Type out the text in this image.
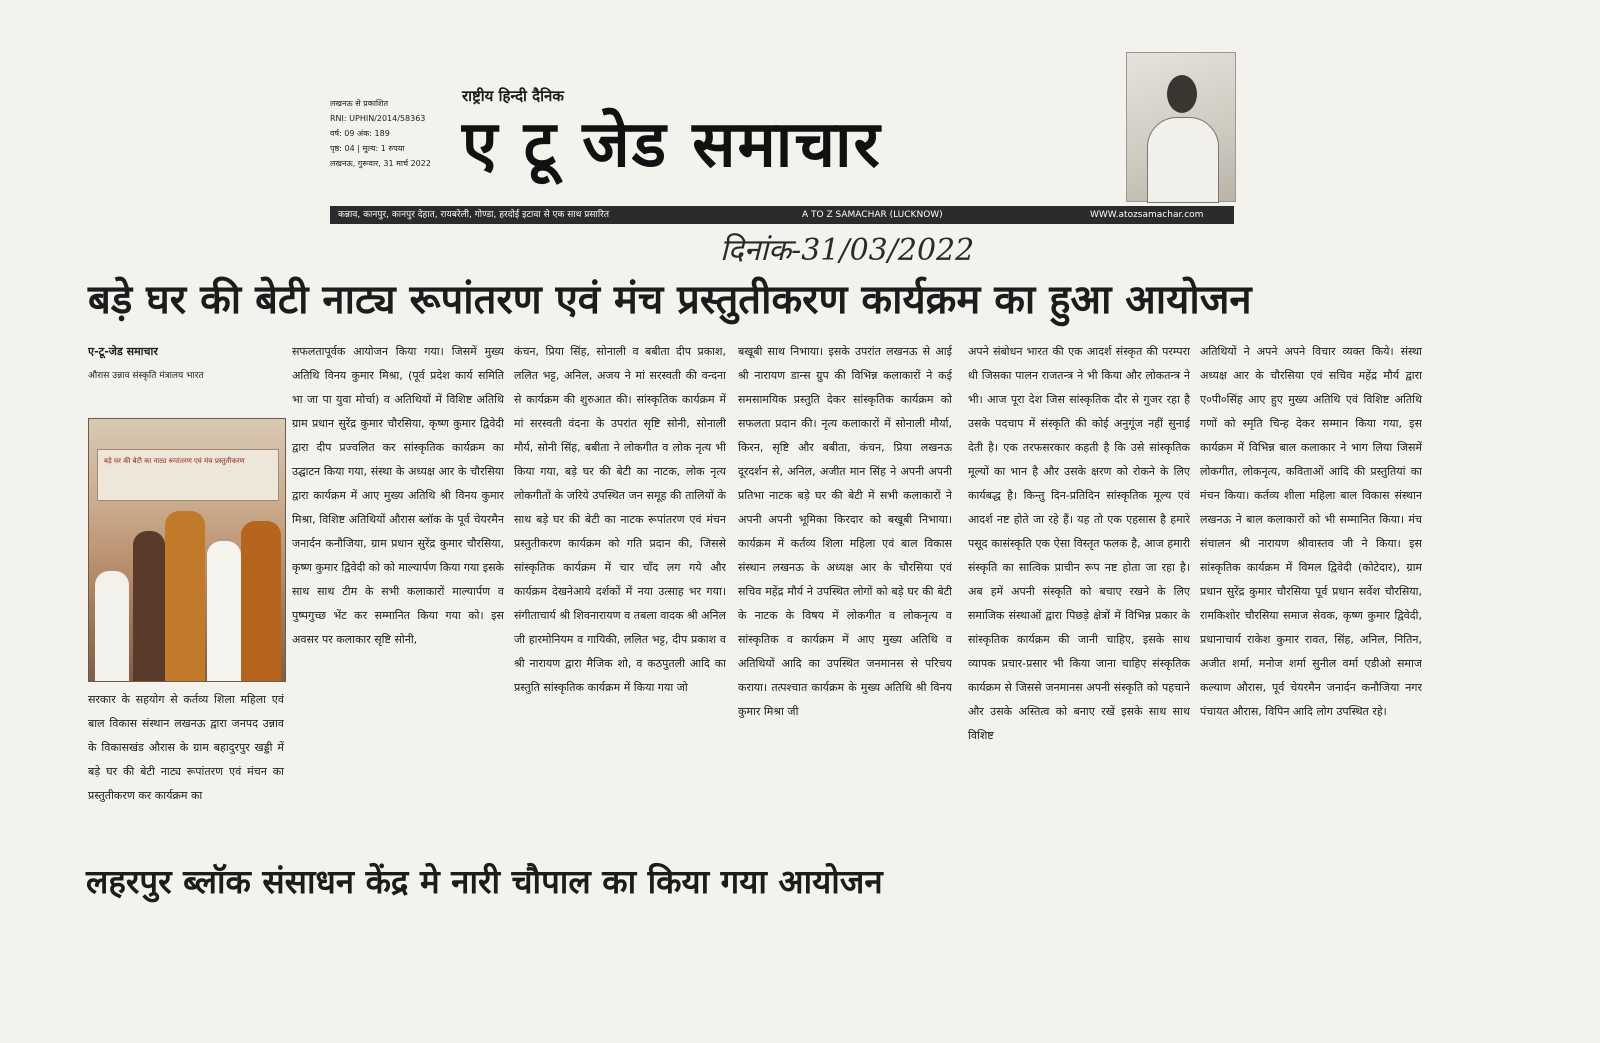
लखनऊ से प्रकाशित
RNI: UPHIN/2014/58363
वर्ष: 09 अंक: 189
पृष्ठ: 04 | मूल्य: 1 रुपया
लखनऊ, गुरूवार, 31 मार्च 2022
राष्ट्रीय हिन्दी दैनिक
ए टू जेड समाचार
कन्नाव, कानपुर, कानपुर देहात, रायबरेली, गोण्डा, हरदोई इटावा से एक साथ प्रसारित	A TO Z SAMACHAR (LUCKNOW)	WWW.atozsamachar.com
दिनांक-31/03/2022
बड़े घर की बेटी नाट्य रूपांतरण एवं मंच प्रस्तुतीकरण कार्यक्रम का हुआ आयोजन
ए-टू-जेड समाचार
औरास उन्नाव संस्कृति मंत्रालय भारत
बड़े घर की बेटी का नाट्य रूपांतरण एवं मंच प्रस्तुतीकरण
सरकार के सहयोग से कर्तव्य शिला महिला एवं बाल विकास संस्थान लखनऊ द्वारा जनपद उन्नाव के विकासखंड औरास के ग्राम बहादुरपुर खड्डी में बड़े घर की बेटी नाट्य रूपांतरण एवं मंचन का प्रस्तुतीकरण कर कार्यक्रम का
सफलतापूर्वक आयोजन किया गया। जिसमें मुख्य अतिथि विनय कुमार मिश्रा, (पूर्व प्रदेश कार्य समिति भा जा पा युवा मोर्चा) व अतिथियों में विशिष्ट अतिथि ग्राम प्रधान सुरेंद्र कुमार चौरसिया, कृष्ण कुमार द्विवेदी द्वारा दीप प्रज्वलित कर सांस्कृतिक कार्यक्रम का उद्घाटन किया गया, संस्था के अध्यक्ष आर के चौरसिया द्वारा कार्यक्रम में आए मुख्य अतिथि श्री विनय कुमार मिश्रा, विशिष्ट अतिथियों औरास ब्लॉक के पूर्व चेयरमैन जनार्दन कनौजिया, ग्राम प्रधान सुरेंद्र कुमार चौरसिया, कृष्ण कुमार द्विवेदी को को माल्यार्पण किया गया इसके साथ साथ टीम के सभी कलाकारों माल्यार्पण व पुष्पगुच्छ भेंट कर सम्मानित किया गया को। इस अवसर पर कलाकार सृष्टि सोनी,
कंचन, प्रिया सिंह, सोनाली व बबीता दीप प्रकाश, ललित भट्ट, अनिल, अजय ने मां सरस्वती की वन्दना से कार्यक्रम की शुरुआत की। सांस्कृतिक कार्यक्रम में मां सरस्वती वंदना के उपरांत सृष्टि सोनी, सोनाली मौर्य, सोनी सिंह, बबीता ने लोकगीत व लोक नृत्य भी किया गया, बड़े घर की बेटी का नाटक, लोक नृत्य लोकगीतों के जरिये उपस्थित जन समूह की तालियों के साथ बड़े घर की बेटी का नाटक रूपांतरण एवं मंचन प्रस्तुतीकरण कार्यक्रम को गति प्रदान की, जिससे सांस्कृतिक कार्यक्रम में चार चाँद लग गये और कार्यक्रम देखनेआये दर्शकों में नया उत्साह भर गया। संगीताचार्य श्री शिवनारायण व तबला वादक श्री अनिल जी हारमोनियम व गायिकी, ललित भट्ट, दीप प्रकाश व श्री नारायण द्वारा मैजिक शो, व कठपुतली आदि का प्रस्तुति सांस्कृतिक कार्यक्रम में किया गया जो
बखूबी साथ निभाया। इसके उपरांत लखनऊ से आई श्री नारायण डान्स ग्रुप की विभिन्न कलाकारों ने कई समसामयिक प्रस्तुति देकर सांस्कृतिक कार्यक्रम को सफलता प्रदान की। नृत्य कलाकारों में सोनाली मौर्या, किरन, सृष्टि और बबीता, कंचन, प्रिया लखनऊ दूरदर्शन से, अनिल, अजीत मान सिंह ने अपनी अपनी प्रतिभा नाटक बड़े घर की बेटी में सभी कलाकारों ने अपनी अपनी भूमिका किरदार को बखूबी निभाया। कार्यक्रम में कर्तव्य शिला महिला एवं बाल विकास संस्थान लखनऊ के अध्यक्ष आर के चौरसिया एवं सचिव महेंद्र मौर्य ने उपस्थित लोगों को बड़े घर की बेटी के नाटक के विषय में लोकगीत व लोकनृत्य व सांस्कृतिक व कार्यक्रम में आए मुख्य अतिथि व अतिथियों आदि का उपस्थित जनमानस से परिचय कराया। तत्पश्चात कार्यक्रम के मुख्य अतिथि श्री विनय कुमार मिश्रा जी
अपने संबोधन भारत की एक आदर्श संस्कृत की परम्परा थी जिसका पालन राजतन्त्र ने भी किया और लोकतन्त्र ने भी। आज पूरा देश जिस सांस्कृतिक दौर से गुजर रहा है उसके पदचाप में संस्कृति की कोई अनुगूंज नहीं सुनाई देती है। एक तरफसरकार कहती है कि उसे सांस्कृतिक मूल्यों का भान है और उसके क्षरण को रोकने के लिए कार्यबद्ध है। किन्तु दिन-प्रतिदिन सांस्कृतिक मूल्य एवं आदर्श नष्ट होते जा रहे हैं। यह तो एक एहसास है हमारे पसूद कासंस्कृति एक ऐसा विस्तृत फलक है, आज हमारी संस्कृति का सात्विक प्राचीन रूप नष्ट होता जा रहा है। अब हमें अपनी संस्कृति को बचाए रखने के लिए समाजिक संस्थाओं द्वारा पिछड़े क्षेत्रों में विभिन्न प्रकार के सांस्कृतिक कार्यक्रम की जानी चाहिए, इसके साथ व्यापक प्रचार-प्रसार भी किया जाना चाहिए संस्कृतिक कार्यक्रम से जिससे जनमानस अपनी संस्कृति को पहचाने और उसके अस्तित्व को बनाए रखें इसके साथ साथ विशिष्ट
अतिथियों ने अपने अपने विचार व्यक्त किये। संस्था अध्यक्ष आर के चौरसिया एवं सचिव महेंद्र मौर्य द्वारा ए०पी०सिंह आए हुए मुख्य अतिथि एवं विशिष्ट अतिथि गणों को स्मृति चिन्ह देकर सम्मान किया गया, इस कार्यक्रम में विभिन्न बाल कलाकार ने भाग लिया जिसमें लोकगीत, लोकनृत्य, कविताओं आदि की प्रस्तुतियां का मंचन किया। कर्तव्य शीला महिला बाल विकास संस्थान लखनऊ ने बाल कलाकारों को भी सम्मानित किया। मंच संचालन श्री नारायण श्रीवास्तव जी ने किया। इस सांस्कृतिक कार्यक्रम में विमल द्विवेदी (कोटेदार), ग्राम प्रधान सुरेंद्र कुमार चौरसिया पूर्व प्रधान सर्वेश चौरसिया, रामकिशोर चौरसिया समाज सेवक, कृष्ण कुमार द्विवेदी, प्रधानाचार्य राकेश कुमार रावत, सिंह, अनिल, नितिन, अजीत शर्मा, मनोज शर्मा सुनील वर्मा एडीओ समाज कल्याण औरास, पूर्व चेयरमैन जनार्दन कनौजिया नगर पंचायत औरास, विपिन आदि लोग उपस्थित रहे।
लहरपुर ब्लॉक संसाधन केंद्र मे नारी चौपाल का किया गया आयोजन
